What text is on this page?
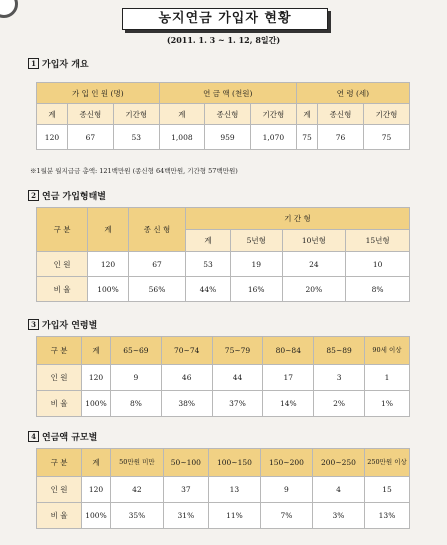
농지연금 가입자 현황
(2011. 1. 3 ~ 1. 12, 8일간)
1 가입자 개요
가 입 인 원 (명)			연 금 액 (천원)			연 령 (세)		
계	종신형	기간형	계	종신형	기간형	계	종신형	기간형
120	67	53	1,008	959	1,070	75	76	75
※1월분 월지급금 총액: 121백만원 (종신형 64백만원, 기간형 57백만원)
2 연금 가입형태별
구 분	계	종 신 형	기 간 형			
			계	5년형	10년형	15년형
인 원	120	67	53	19	24	10
비 율	100%	56%	44%	16%	20%	8%
3 가입자 연령별
구 분	계	65~69	70~74	75~79	80~84	85~89	90세 이상
인 원	120	9	46	44	17	3	1
비 율	100%	8%	38%	37%	14%	2%	1%
4 연금액 규모별
구 분	계	50만원 미만	50~100	100~150	150~200	200~250	250만원 이상
인 원	120	42	37	13	9	4	15
비 율	100%	35%	31%	11%	7%	3%	13%
